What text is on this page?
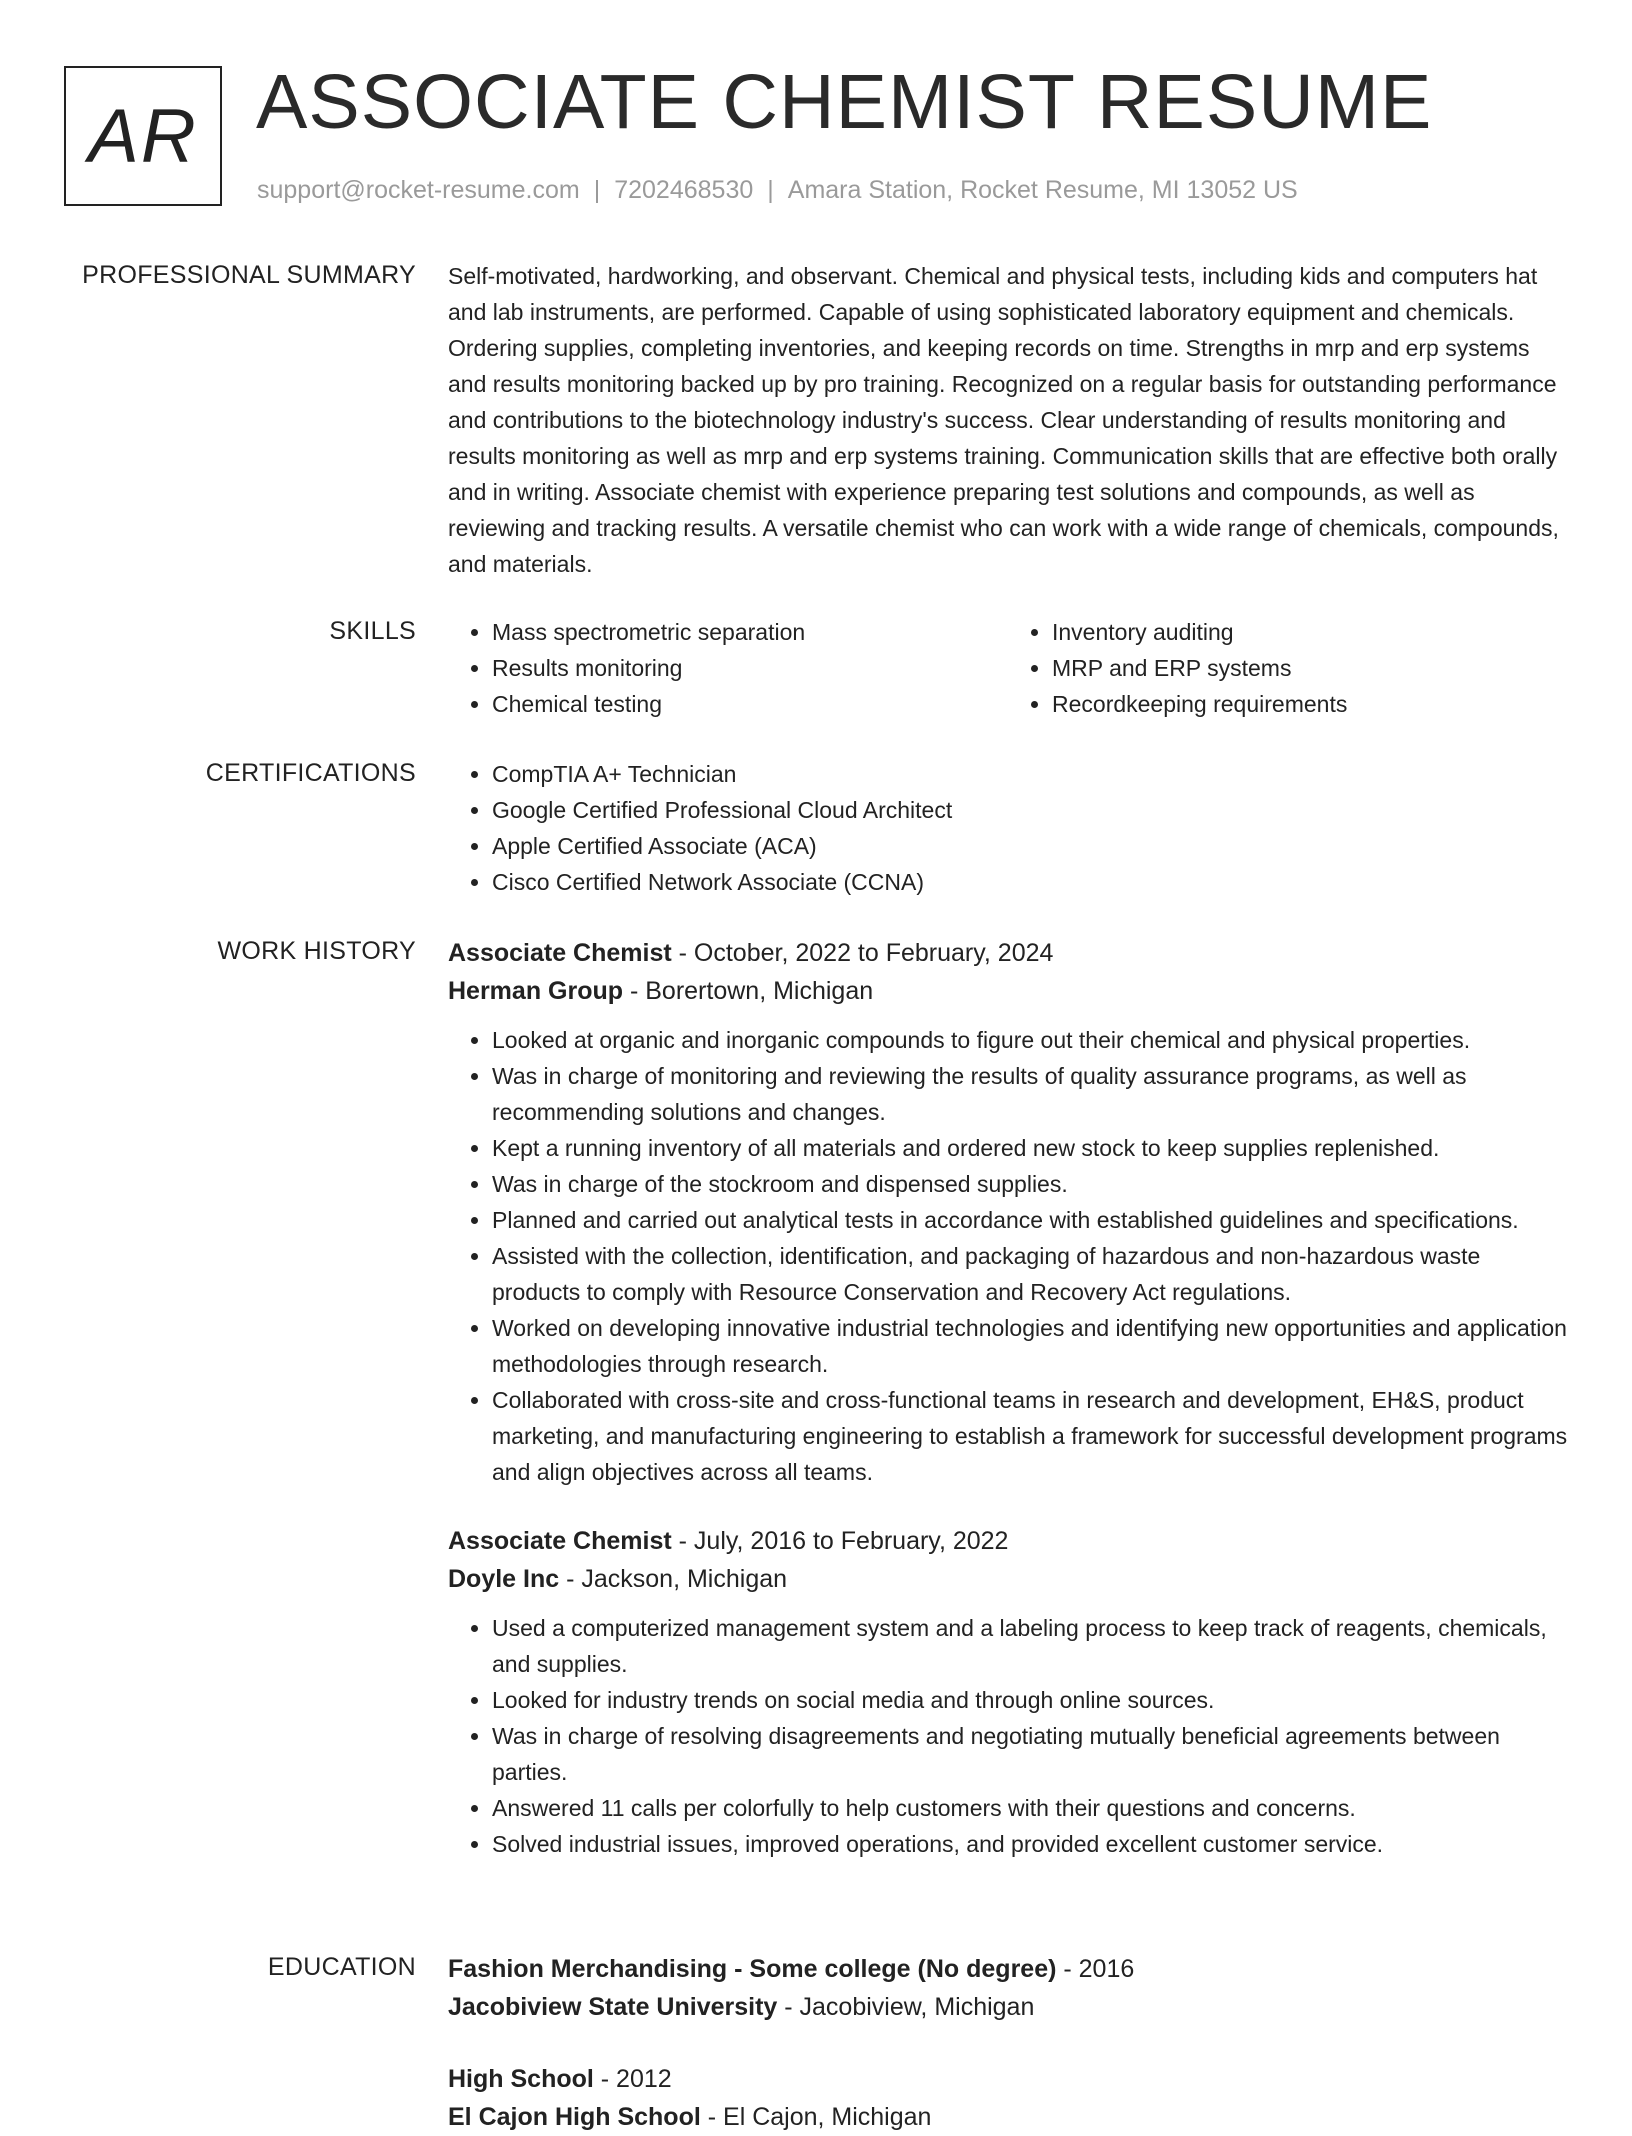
AR ASSOCIATE CHEMIST RESUME
support@rocket-resume.com | 7202468530 | Amara Station, Rocket Resume, MI 13052 US
PROFESSIONAL SUMMARY Self-motivated, hardworking, and observant. Chemical and physical tests, including kids and computers hat and lab instruments, are performed. Capable of using sophisticated laboratory equipment and chemicals. Ordering supplies, completing inventories, and keeping records on time. Strengths in mrp and erp systems and results monitoring backed up by pro training. Recognized on a regular basis for outstanding performance and contributions to the biotechnology industry's success. Clear understanding of results monitoring and results monitoring as well as mrp and erp systems training. Communication skills that are effective both orally and in writing. Associate chemist with experience preparing test solutions and compounds, as well as reviewing and tracking results. A versatile chemist who can work with a wide range of chemicals, compounds, and materials.

SKILLS	• Mass spectrometric separation
• Results monitoring
• Chemical testing
• Inventory auditing
• MRP and ERP systems
• Recordkeeping requirements
CERTIFICATIONS	• CompTIA A+ Technician
• Google Certified Professional Cloud Architect
• Apple Certified Associate (ACA)
• Cisco Certified Network Associate (CCNA)
WORK HISTORY Associate Chemist - October, 2022 to February, 2024
Herman Group - Borertown, Michigan
• Looked at organic and inorganic compounds to figure out their chemical and physical properties.
• Was in charge of monitoring and reviewing the results of quality assurance programs, as well as recommending solutions and changes.
• Kept a running inventory of all materials and ordered new stock to keep supplies replenished.
• Was in charge of the stockroom and dispensed supplies.
• Planned and carried out analytical tests in accordance with established guidelines and specifications.
• Assisted with the collection, identification, and packaging of hazardous and non-hazardous waste products to comply with Resource Conservation and Recovery Act regulations.
• Worked on developing innovative industrial technologies and identifying new opportunities and application methodologies through research.
• Collaborated with cross-site and cross-functional teams in research and development, EH&S, product marketing, and manufacturing engineering to establish a framework for successful development programs and align objectives across all teams.
Associate Chemist - July, 2016 to February, 2022
Doyle Inc - Jackson, Michigan
• Used a computerized management system and a labeling process to keep track of reagents, chemicals, and supplies.
• Looked for industry trends on social media and through online sources.
• Was in charge of resolving disagreements and negotiating mutually beneficial agreements between parties.
• Answered 11 calls per colorfully to help customers with their questions and concerns.
• Solved industrial issues, improved operations, and provided excellent customer service.
EDUCATION Fashion Merchandising - Some college (No degree) - 2016
Jacobiview State University - Jacobiview, Michigan
High School - 2012
El Cajon High School - El Cajon, Michigan
